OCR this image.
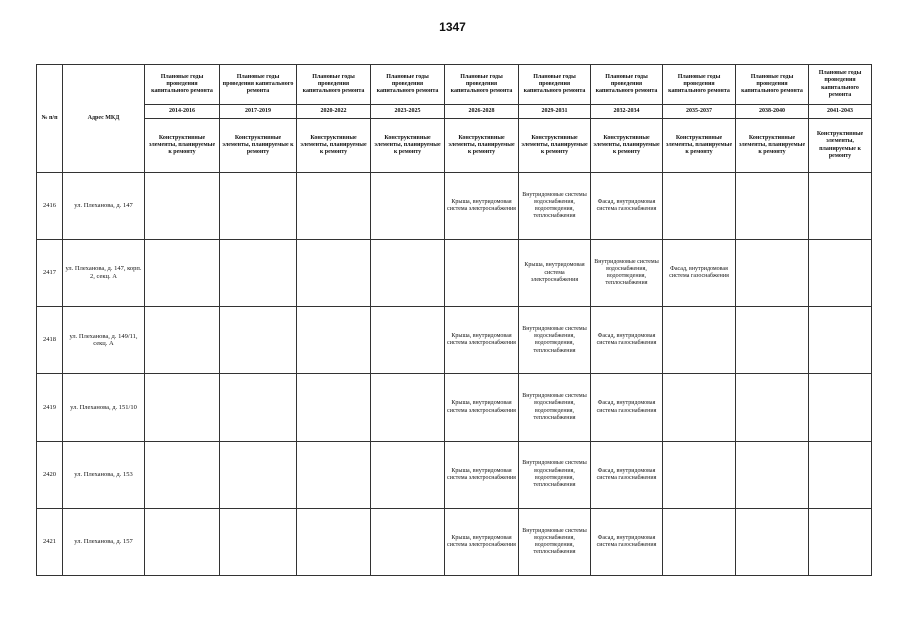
1347
№ п/п	Адрес МКД	Плановые годы проведения капитального ремонта	Плановые годы проведения капитального ремонта	Плановые годы проведения капитального ремонта	Плановые годы проведения капитального ремонта	Плановые годы проведения капитального ремонта	Плановые годы проведения капитального ремонта	Плановые годы проведения капитального ремонта	Плановые годы проведения капитального ремонта	Плановые годы проведения капитального ремонта	Плановые годы проведения капитального ремонта
		2014-2016	2017-2019	2020-2022	2023-2025	2026-2028	2029-2031	2032-2034	2035-2037	2038-2040	2041-2043
		Конструктивные элементы, планируемые к ремонту	Конструктивные элементы, планируемые к ремонту	Конструктивные элементы, планируемые к ремонту	Конструктивные элементы, планируемые к ремонту	Конструктивные элементы, планируемые к ремонту	Конструктивные элементы, планируемые к ремонту	Конструктивные элементы, планируемые к ремонту	Конструктивные элементы, планируемые к ремонту	Конструктивные элементы, планируемые к ремонту	Конструктивные элементы, планируемые к ремонту
2416	ул. Плеханова, д. 147					Крыша, внутридомовая система электроснабжения	Внутридомовые системы водоснабжения, водоотведения, теплоснабжения	Фасад, внутридомовая система газоснабжения			
2417	ул. Плеханова, д. 147, корп. 2, секц. А						Крыша, внутридомовая система электроснабжения	Внутридомовые системы водоснабжения, водоотведения, теплоснабжения	Фасад, внутридомовая система газоснабжения		
2418	ул. Плеханова, д. 149/11, секц. А					Крыша, внутридомовая система электроснабжения	Внутридомовые системы водоснабжения, водоотведения, теплоснабжения	Фасад, внутридомовая система газоснабжения			
2419	ул. Плеханова, д. 151/10					Крыша, внутридомовая система электроснабжения	Внутридомовые системы водоснабжения, водоотведения, теплоснабжения	Фасад, внутридомовая система газоснабжения			
2420	ул. Плеханова, д. 153					Крыша, внутридомовая система электроснабжения	Внутридомовые системы водоснабжения, водоотведения, теплоснабжения	Фасад, внутридомовая система газоснабжения			
2421	ул. Плеханова, д. 157					Крыша, внутридомовая система электроснабжения	Внутридомовые системы водоснабжения, водоотведения, теплоснабжения	Фасад, внутридомовая система газоснабжения			
